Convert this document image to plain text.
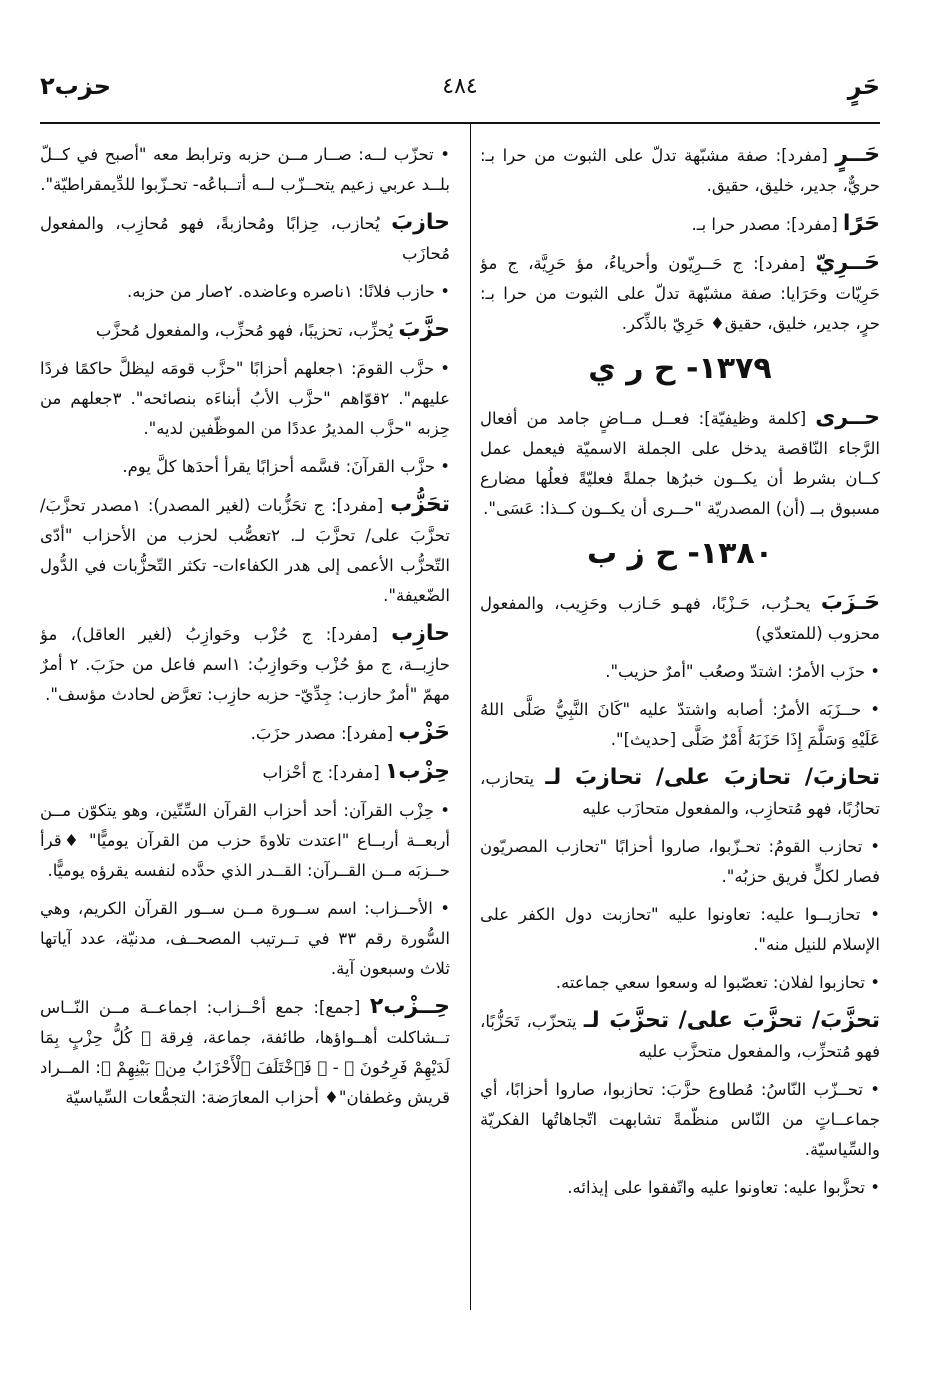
حَرٍ
٤٨٤
حزب٢

حَــرٍ [مفرد]: صفة مشبّهة تدلّ على الثبوت من حرا بـ: حريٌّ، جدير، خليق، حقيق.

حَرًا [مفرد]: مصدر حرا بـ.

حَــرِيّ [مفرد]: ج حَــرِيّون وأحرياءُ، مؤ حَرِيَّة، ج مؤ حَرِيّات وحَرَايا: صفة مشبّهة تدلّ على الثبوت من حرا بـ: حرٍ، جدير، خليق، حقيق♦ حَرِيّ بالذِّكر.

١٣٧٩- ح ر ي

حــرى [كلمة وظيفيّة]: فعــل مــاضٍ جامد من أفعال الرَّجاء النّاقصة يدخل على الجملة الاسميّة فيعمل عمل كــان بشرط أن يكــون خبرُها جملةً فعليّةً فعلُها مضارع مسبوق بــ (أن) المصدريّة "حــرى أن يكــون كــذا: عَسَى".

١٣٨٠- ح ز ب

حَـزَبَ يحـزُب، حَـزْبًا، فهـو حَـازب وحَزِيب، والمفعول محزوب (للمتعدّي)

• حزَب الأمرُ: اشتدّ وصعُب "أمرٌ حزيب".

• حــزَبَه الأمرُ: أصابه واشتدّ عليه "كَانَ النَّبِيُّ صَلَّى اللهُ عَلَيْهِ وَسَلَّمَ إِذَا حَزَبَهُ أَمْرٌ صَلَّى [حديث]".

تحازبَ/ تحازبَ على/ تحازبَ لـ يتحازب، تحازُبًا، فهو مُتحازِب، والمفعول متحازَب عليه

• تحازب القومُ: تحـزّبوا، صاروا أحزابًا "تحازب المصريّون فصار لكلٍّ فريق حزبُه".

• تحازبــوا عليه: تعاونوا عليه "تحازبت دول الكفر على الإسلام للنيل منه".

• تحازبوا لفلان: تعصّبوا له وسعوا سعي جماعته.

تحزَّبَ/ تحزَّبَ على/ تحزَّبَ لـ يتحزّب، تَحَزُّبًا، فهو مُتحزِّب، والمفعول متحزَّب عليه

• تحــزّب النّاسُ: مُطاوع حزَّبَ: تحازبوا، صاروا أحزابًا، أي جماعــاتٍ من النّاس منظّمةً تشابهت اتّجاهاتُها الفكريّة والسِّياسيّة.

• تحزَّبوا عليه: تعاونوا عليه واتّفقوا على إيذائه.

• تحزّب لــه: صــار مــن حزبه وترابط معه "أصبح في كــلّ بلــد عربي زعيم يتحــزّب لــه أتــباعُه- تحـزّبوا للدِّيمقراطيّة".

حازبَ يُحازب، حِزابًا ومُحازبةً، فهو مُحازِب، والمفعول مُحازَب

• حازب فلانًا: ١ناصره وعاضده. ٢صار من حزبه.

حزَّبَ يُحزِّب، تحزيبًا، فهو مُحزِّب، والمفعول مُحزَّب

• حزَّب القومَ: ١جعلهم أحزابًا "حزَّب قومَه ليظلَّ حاكمًا فردًا عليهم". ٢قوّاهم "حزَّب الأبُ أبناءَه بنصائحه". ٣جعلهم من حِزبه "حزَّب المديرُ عددًا من الموظّفين لديه".

• حزَّب القرآنَ: قسَّمه أحزابًا يقرأ أحدَها كلَّ يوم.

تحَزُّب [مفرد]: ج تحَزُّبات (لغير المصدر): ١مصدر تحزَّبَ/ تحزَّبَ على/ تحزَّبَ لـ. ٢تعصُّب لحزب من الأحزاب "أدّى التّحزُّب الأعمى إلى هدر الكفاءات- تكثر التّحزُّبات في الدُّول الضّعيفة".

حازِب [مفرد]: ج حُزْب وحَوازِبُ (لغير العاقل)، مؤ حازِبــة، ج مؤ حُزْب وحَوازِبُ: ١اسم فاعل من حزَبَ. ٢ أمرٌ مهمّ "أمرٌ حازب: جِدِّيّ- حزبه حازِب: تعرَّض لحادث مؤسف".

حَزْب [مفرد]: مصدر حزَبَ.

حِزْب١ [مفرد]: ج أحْزاب

• حِزْب القرآن: أحد أحزاب القرآن السِّتّين، وهو يتكوّن مــن أربعــة أربــاع "اعتدت تلاوةَ حزب من القرآن يوميًّا" ♦قرأ حــزبَه مــن القــرآن: القــدر الذي حدَّده لنفسه يقرؤه يوميًّا.

• الأحــزاب: اسم ســورة مــن ســور القرآن الكريم، وهي السُّورة رقم ٣٣ في تــرتيب المصحــف، مدنيّة، عدد آياتها ثلاث وسبعون آية.

حِــزْب٢ [جمع]: جمع أحْــزاب: اجماعــة مــن النّــاس تــشاكلت أهــواؤها، طائفة، جماعة، فِرقة ﴿ كُلُّ حِزْبٍ بِمَا لَدَيْهِمْ فَرِحُونَ ﴾ - ﴿ فَٱخْتَلَفَ ٱلْأَحْزَابُ مِنۢ بَيْنِهِمْ ﴾: المــراد قريش وغطفان"♦ أحزاب المعارَضة: التجمُّعات السِّياسيّة
